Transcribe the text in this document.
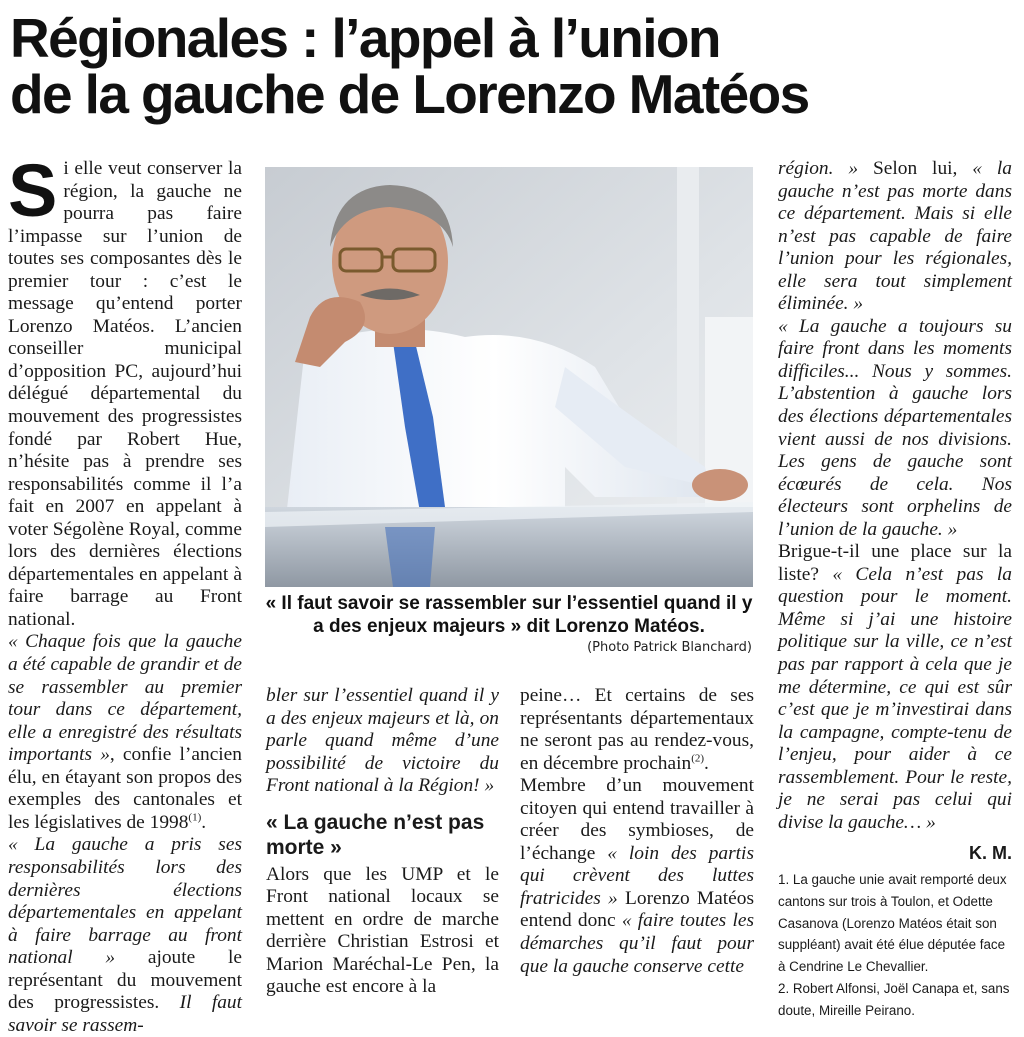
Régionales : l’appel à l’union
de la gauche de Lorenzo Matéos

Si elle veut conserver la région, la gauche ne pourra pas faire l’impasse sur l’union de toutes ses composantes dès le premier tour : c’est le message qu’entend porter Lorenzo Matéos. L’ancien conseiller municipal d’opposition PC, aujourd’hui délégué départemental du mouvement des progressistes fondé par Robert Hue, n’hésite pas à prendre ses responsabilités comme il l’a fait en 2007 en appelant à voter Ségolène Royal, comme lors des dernières élections départementales en appelant à faire barrage au Front national.

« Chaque fois que la gauche a été capable de grandir et de se rassembler au premier tour dans ce département, elle a enregistré des résultats importants », confie l’ancien élu, en étayant son propos des exemples des cantonales et les législatives de 1998$^{(1)}$.

« La gauche a pris ses responsabilités lors des dernières élections départementales en appelant à faire barrage au front national » ajoute le représentant du mouvement des progressistes. Il faut savoir se rassem-

« Il faut savoir se rassembler sur l’essentiel quand il y a des enjeux majeurs » dit Lorenzo Matéos.
(Photo Patrick Blanchard)

bler sur l’essentiel quand il y a des enjeux majeurs et là, on parle quand même d’une possibilité de victoire du Front national à la Région! »

« La gauche n’est pas morte »

Alors que les UMP et le Front national locaux se mettent en ordre de marche derrière Christian Estrosi et Marion Maréchal-Le Pen, la gauche est encore à la

peine… Et certains de ses représentants départementaux ne seront pas au rendez-vous, en décembre prochain$^{(2)}$.

Membre d’un mouvement citoyen qui entend travailler à créer des symbioses, de l’échange « loin des partis qui crèvent des luttes fratricides » Lorenzo Matéos entend donc « faire toutes les démarches qu’il faut pour que la gauche conserve cette

région. » Selon lui, « la gauche n’est pas morte dans ce département. Mais si elle n’est pas capable de faire l’union pour les régionales, elle sera tout simplement éliminée. »

« La gauche a toujours su faire front dans les moments difficiles... Nous y sommes. L’abstention à gauche lors des élections départementales vient aussi de nos divisions. Les gens de gauche sont écœurés de cela. Nos électeurs sont orphelins de l’union de la gauche. »

Brigue-t-il une place sur la liste? « Cela n’est pas la question pour le moment. Même si j’ai une histoire politique sur la ville, ce n’est pas par rapport à cela que je me détermine, ce qui est sûr c’est que je m’investirai dans la campagne, compte-tenu de l’enjeu, pour aider à ce rassemblement. Pour le reste, je ne serai pas celui qui divise la gauche… »

K. M.

1. La gauche unie avait remporté deux cantons sur trois à Toulon, et Odette Casanova (Lorenzo Matéos était son suppléant) avait été élue députée face à Cendrine Le Chevallier.

2. Robert Alfonsi, Joël Canapa et, sans doute, Mireille Peirano.
